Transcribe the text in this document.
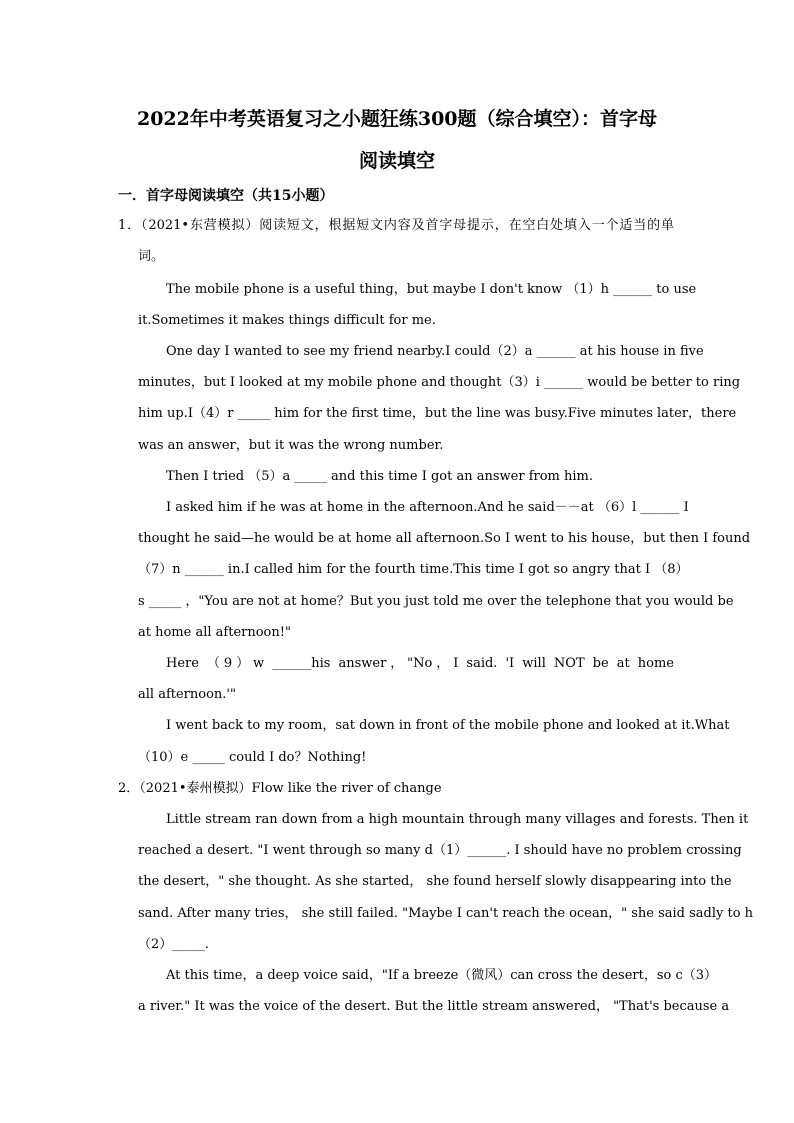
2022年中考英语复习之小题狂练300题（综合填空）：首字母
阅读填空
一．首字母阅读填空（共15小题）
1．（2021•东营模拟）阅读短文，根据短文内容及首字母提示，在空白处填入一个适当的单
词。
The mobile phone is a useful thing，but maybe I don't know （1）h ______ to use
it.Sometimes it makes things difficult for me.
One day I wanted to see my friend nearby.I could（2）a ______ at his house in five
minutes，but I looked at my mobile phone and thought（3）i ______ would be better to ring
him up.I（4）r _____ him for the first time，but the line was busy.Five minutes later，there
was an answer，but it was the wrong number.
Then I tried （5）a _____ and this time I got an answer from him.
I asked him if he was at home in the afternoon.And he said－－at （6）l ______ I
thought he said—he would be at home all afternoon.So I went to his house，but then I found
（7）n ______ in.I called him for the fourth time.This time I got so angry that I （8）
s _____ ，"You are not at home？But you just told me over the telephone that you would be
at home all afternoon!"
Here （9）w ______his answer，"No，I said. 'I will NOT be at home
all afternoon.'"
I went back to my room，sat down in front of the mobile phone and looked at it.What
（10）e _____ could I do？Nothing!
2．（2021•泰州模拟）Flow like the river of change
Little stream ran down from a high mountain through many villages and forests. Then it
reached a desert. "I went through so many d（1）______. I should have no problem crossing
the desert，" she thought. As she started， she found herself slowly disappearing into the
sand. After many tries， she still failed. "Maybe I can't reach the ocean，" she said sadly to h
（2）_____.
At this time，a deep voice said，"If a breeze（微风）can cross the desert，so c（3）
a river." It was the voice of the desert. But the little stream answered， "That's because a
